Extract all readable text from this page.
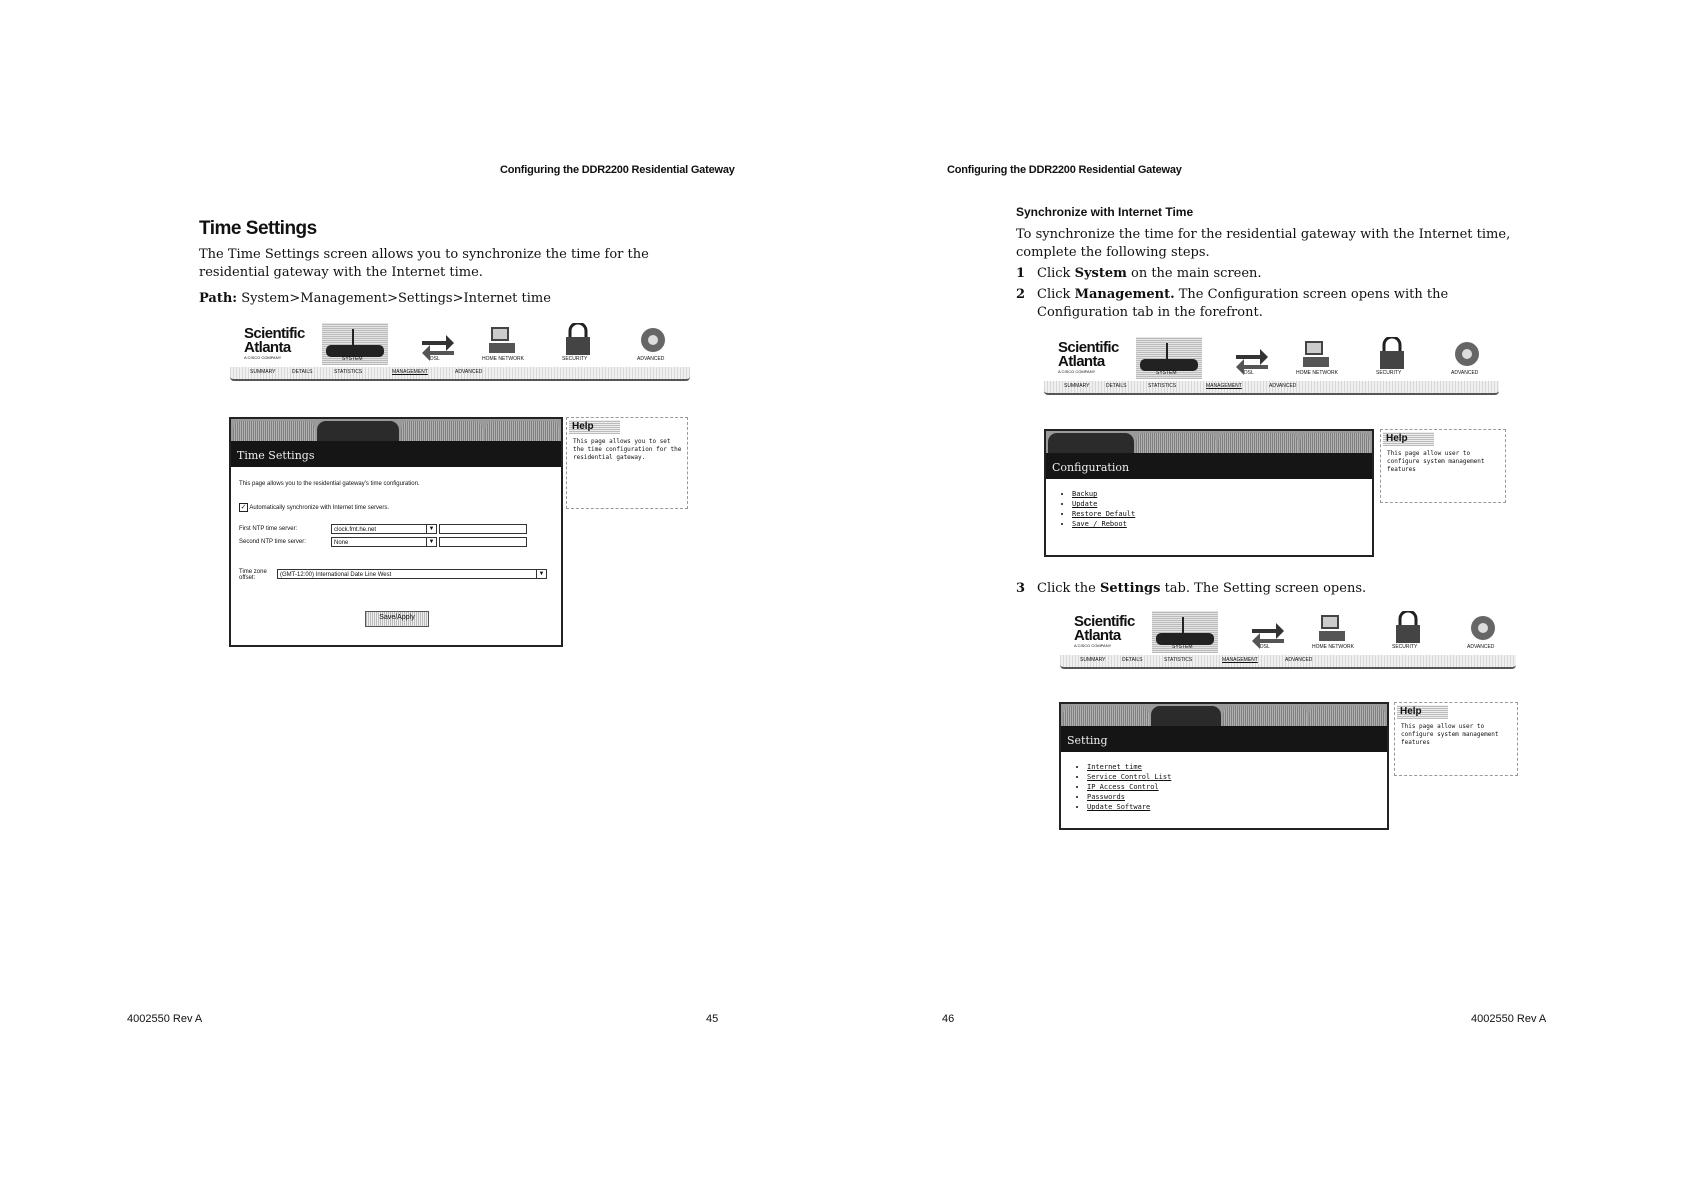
Configuring the DDR2200 Residential Gateway
Time Settings
The Time Settings screen allows you to synchronize the time for the residential gateway with the Internet time.
Path: System>Management>Settings>Internet time
Scientific
Atlanta
A CISCO COMPANY	SYSTEM	DSL	HOME NETWORK	SECURITY	ADVANCED
SUMMARY	DETAILS	STATISTICS	MANAGEMENT	ADVANCED
Time Settings
This page allows you to the residential gateway's time configuration.
✓ Automatically synchronize with Internet time servers.
First NTP time server:	clock.fmt.he.net	▼
Second NTP time server:	None	▼
Time zone offset:	(GMT-12:00) International Date Line West	▼
Save/Apply
Help
This page allows you to set the time configuration for the residential gateway.
4002550 Rev A	45
Configuring the DDR2200 Residential Gateway
Synchronize with Internet Time
To synchronize the time for the residential gateway with the Internet time, complete the following steps.
1 Click System on the main screen.
2 Click Management. The Configuration screen opens with the Configuration tab in the forefront.
Scientific
Atlanta
A CISCO COMPANY	SYSTEM	DSL	HOME NETWORK	SECURITY	ADVANCED
SUMMARY	DETAILS	STATISTICS	MANAGEMENT	ADVANCED
Configuration
• Backup
• Update
• Restore Default
• Save / Reboot
Help
This page allow user to configure system management features
3 Click the Settings tab. The Setting screen opens.
Scientific
Atlanta
A CISCO COMPANY	SYSTEM	DSL	HOME NETWORK	SECURITY	ADVANCED
SUMMARY	DETAILS	STATISTICS	MANAGEMENT	ADVANCED
Setting
• Internet time
• Service Control List
• IP Access Control
• Passwords
• Update Software
Help
This page allow user to configure system management features
46	4002550 Rev A
